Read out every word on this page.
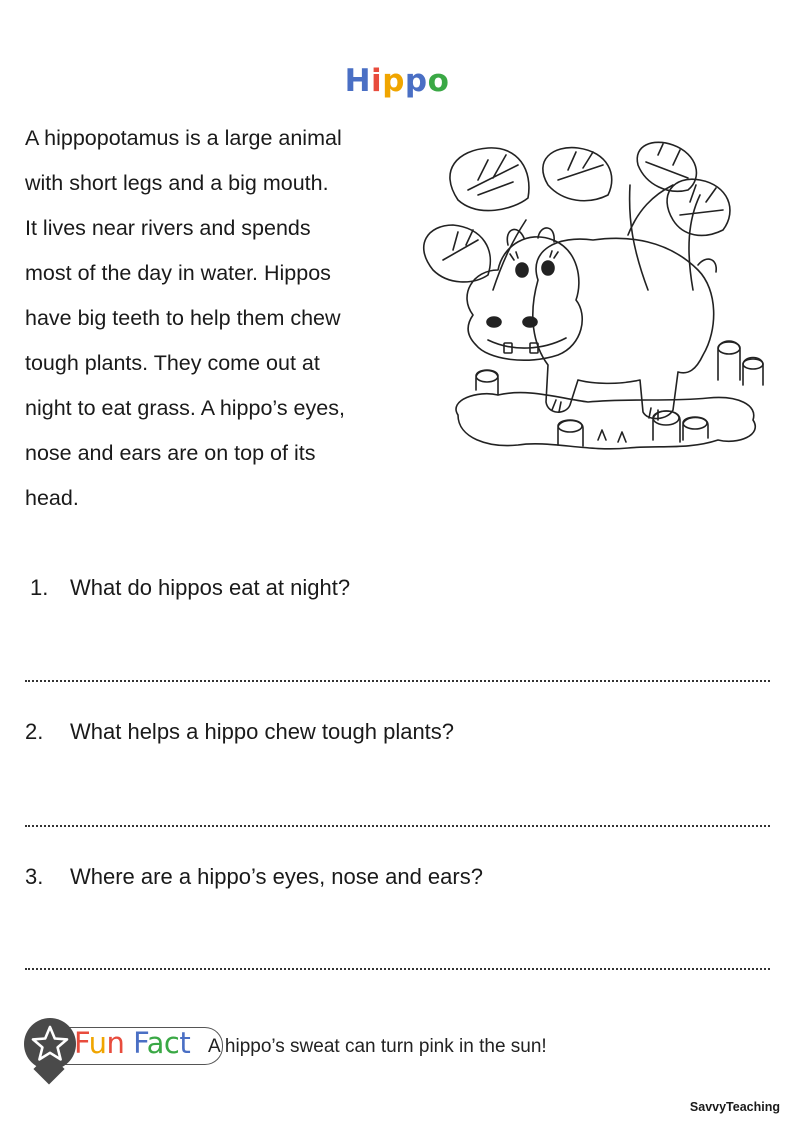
Hippo
A hippopotamus is a large animal
with short legs and a big mouth.
It lives near rivers and spends
most of the day in water. Hippos
have big teeth to help them chew
tough plants. They come out at
night to eat grass. A hippo’s eyes,
nose and ears are on top of its
head.
1. What do hippos eat at night?
2.	What helps a hippo chew tough plants?
3.	Where are a hippo’s eyes, nose and ears?
Fun Fact A hippo’s sweat can turn pink in the sun!
SavvyTeaching
